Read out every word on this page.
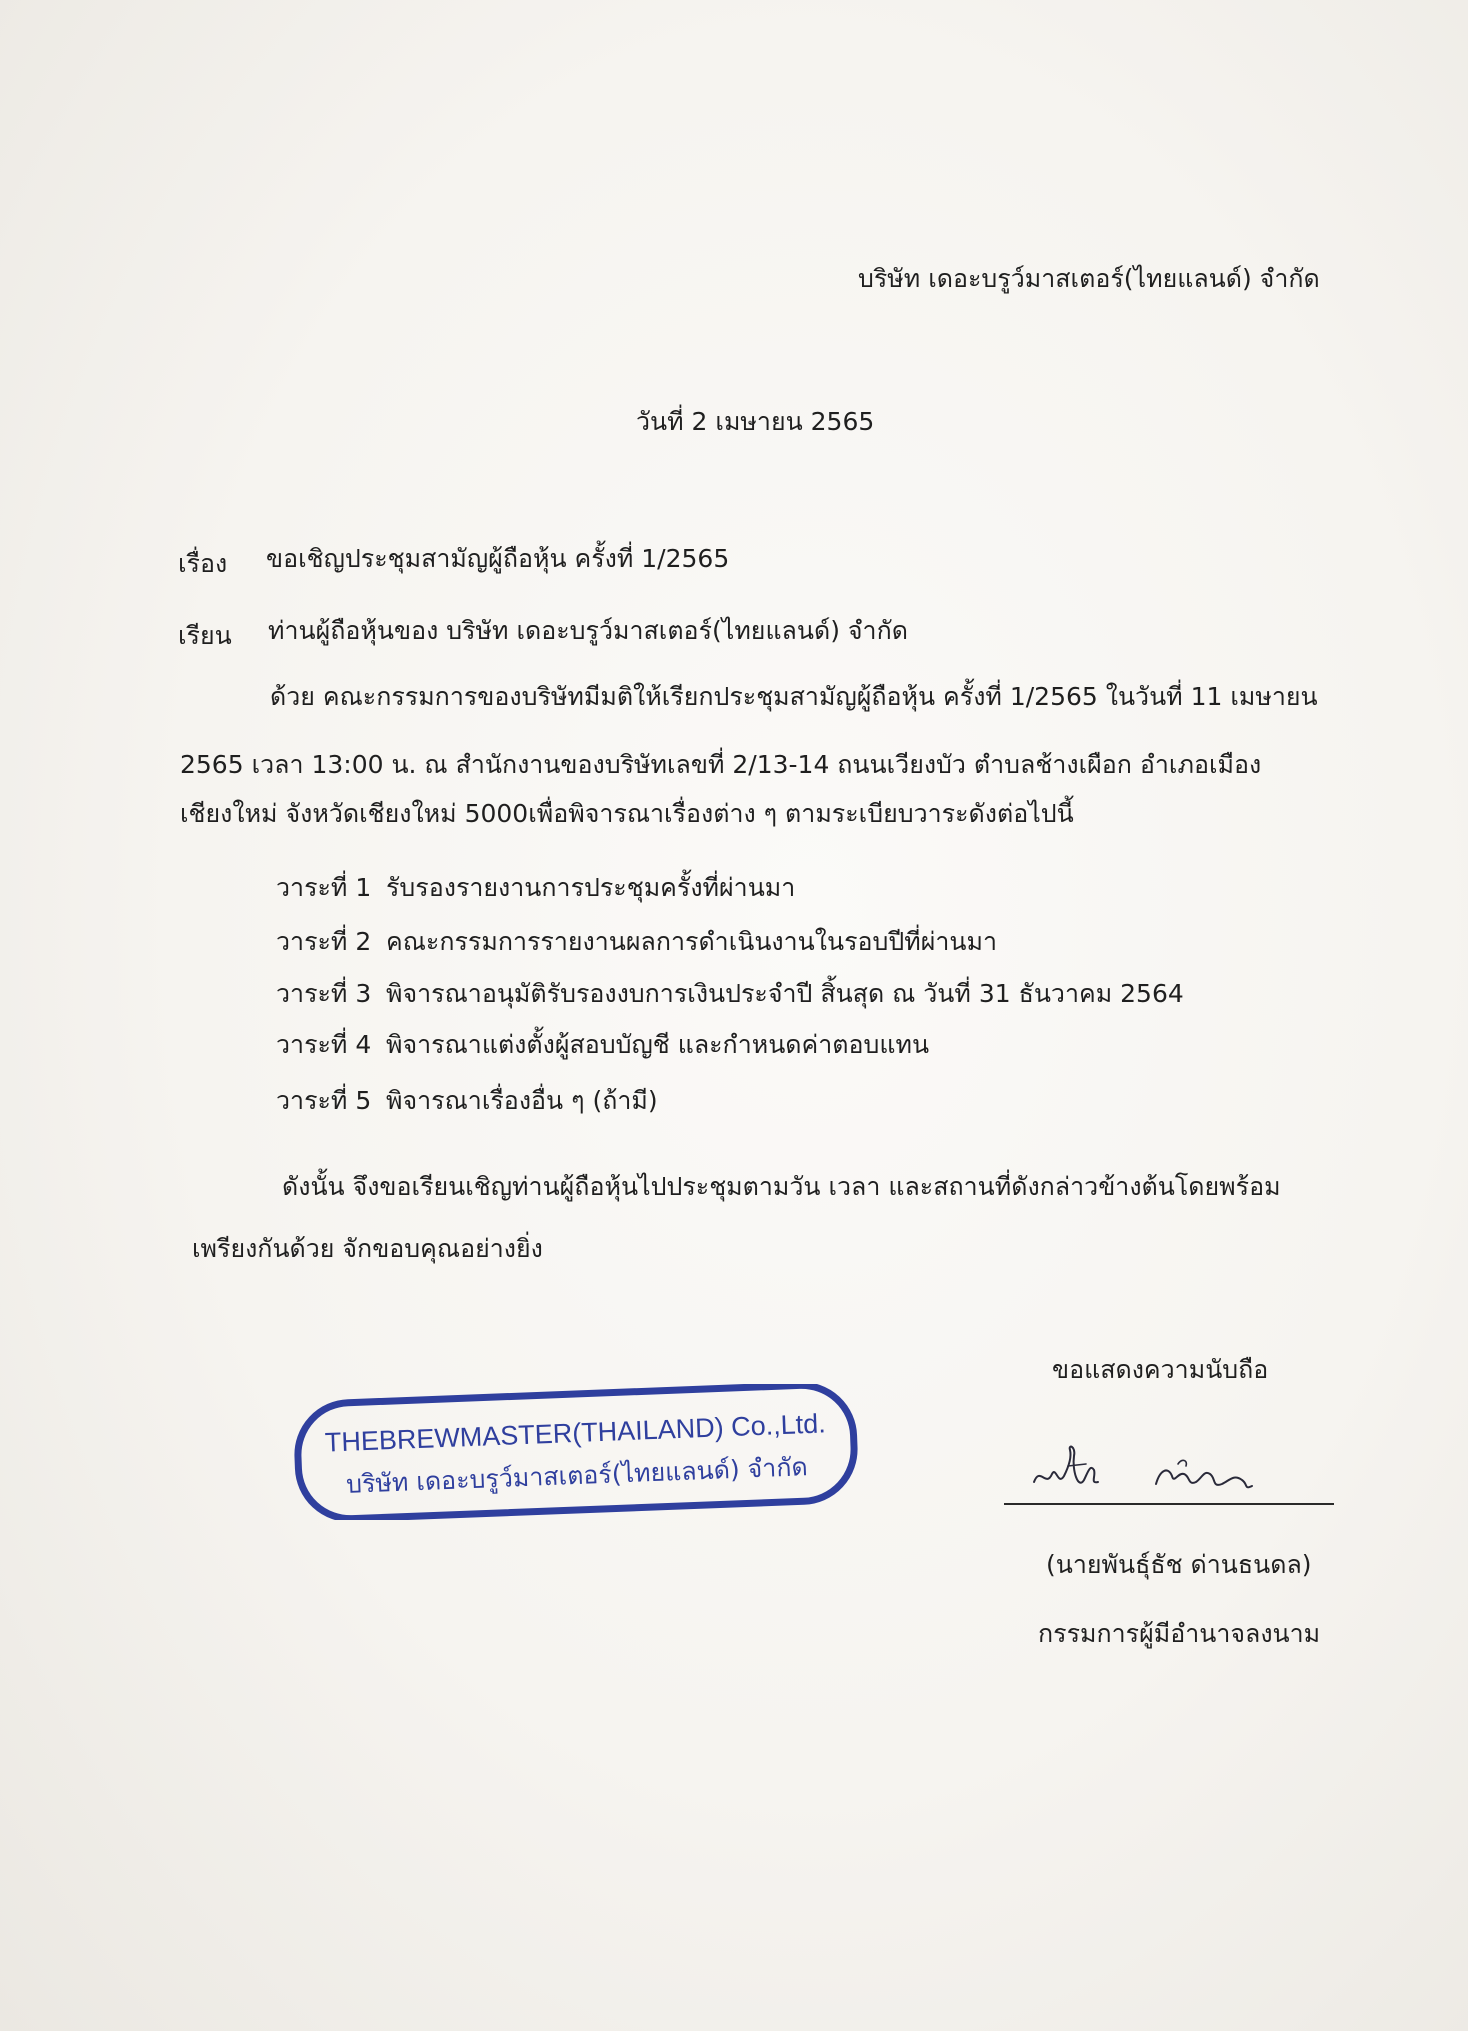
บริษัท เดอะบรูว์มาสเตอร์(ไทยแลนด์) จำกัด
วันที่ 2 เมษายน 2565
เรื่อง ขอเชิญประชุมสามัญผู้ถือหุ้น ครั้งที่ 1/2565
เรียน ท่านผู้ถือหุ้นของ บริษัท เดอะบรูว์มาสเตอร์(ไทยแลนด์) จำกัด
ด้วย คณะกรรมการของบริษัทมีมติให้เรียกประชุมสามัญผู้ถือหุ้น ครั้งที่ 1/2565 ในวันที่ 11 เมษายน
2565 เวลา 13:00 น. ณ สำนักงานของบริษัทเลขที่ 2/13-14 ถนนเวียงบัว ตำบลช้างเผือก อำเภอเมือง
เชียงใหม่ จังหวัดเชียงใหม่ 5000เพื่อพิจารณาเรื่องต่าง ๆ ตามระเบียบวาระดังต่อไปนี้
วาระที่ 1 รับรองรายงานการประชุมครั้งที่ผ่านมา
วาระที่ 2 คณะกรรมการรายงานผลการดำเนินงานในรอบปีที่ผ่านมา
วาระที่ 3 พิจารณาอนุมัติรับรองงบการเงินประจำปี สิ้นสุด ณ วันที่ 31 ธันวาคม 2564
วาระที่ 4 พิจารณาแต่งตั้งผู้สอบบัญชี และกำหนดค่าตอบแทน
วาระที่ 5 พิจารณาเรื่องอื่น ๆ (ถ้ามี)
ดังนั้น จึงขอเรียนเชิญท่านผู้ถือหุ้นไปประชุมตามวัน เวลา และสถานที่ดังกล่าวข้างต้นโดยพร้อม
เพรียงกันด้วย จักขอบคุณอย่างยิ่ง
ขอแสดงความนับถือ
(นายพันธุ์ธัช ด่านธนดล)
กรรมการผู้มีอำนาจลงนาม
THEBREWMASTER(THAILAND) Co.,Ltd.
บริษัท เดอะบรูว์มาสเตอร์(ไทยแลนด์) จำกัด
